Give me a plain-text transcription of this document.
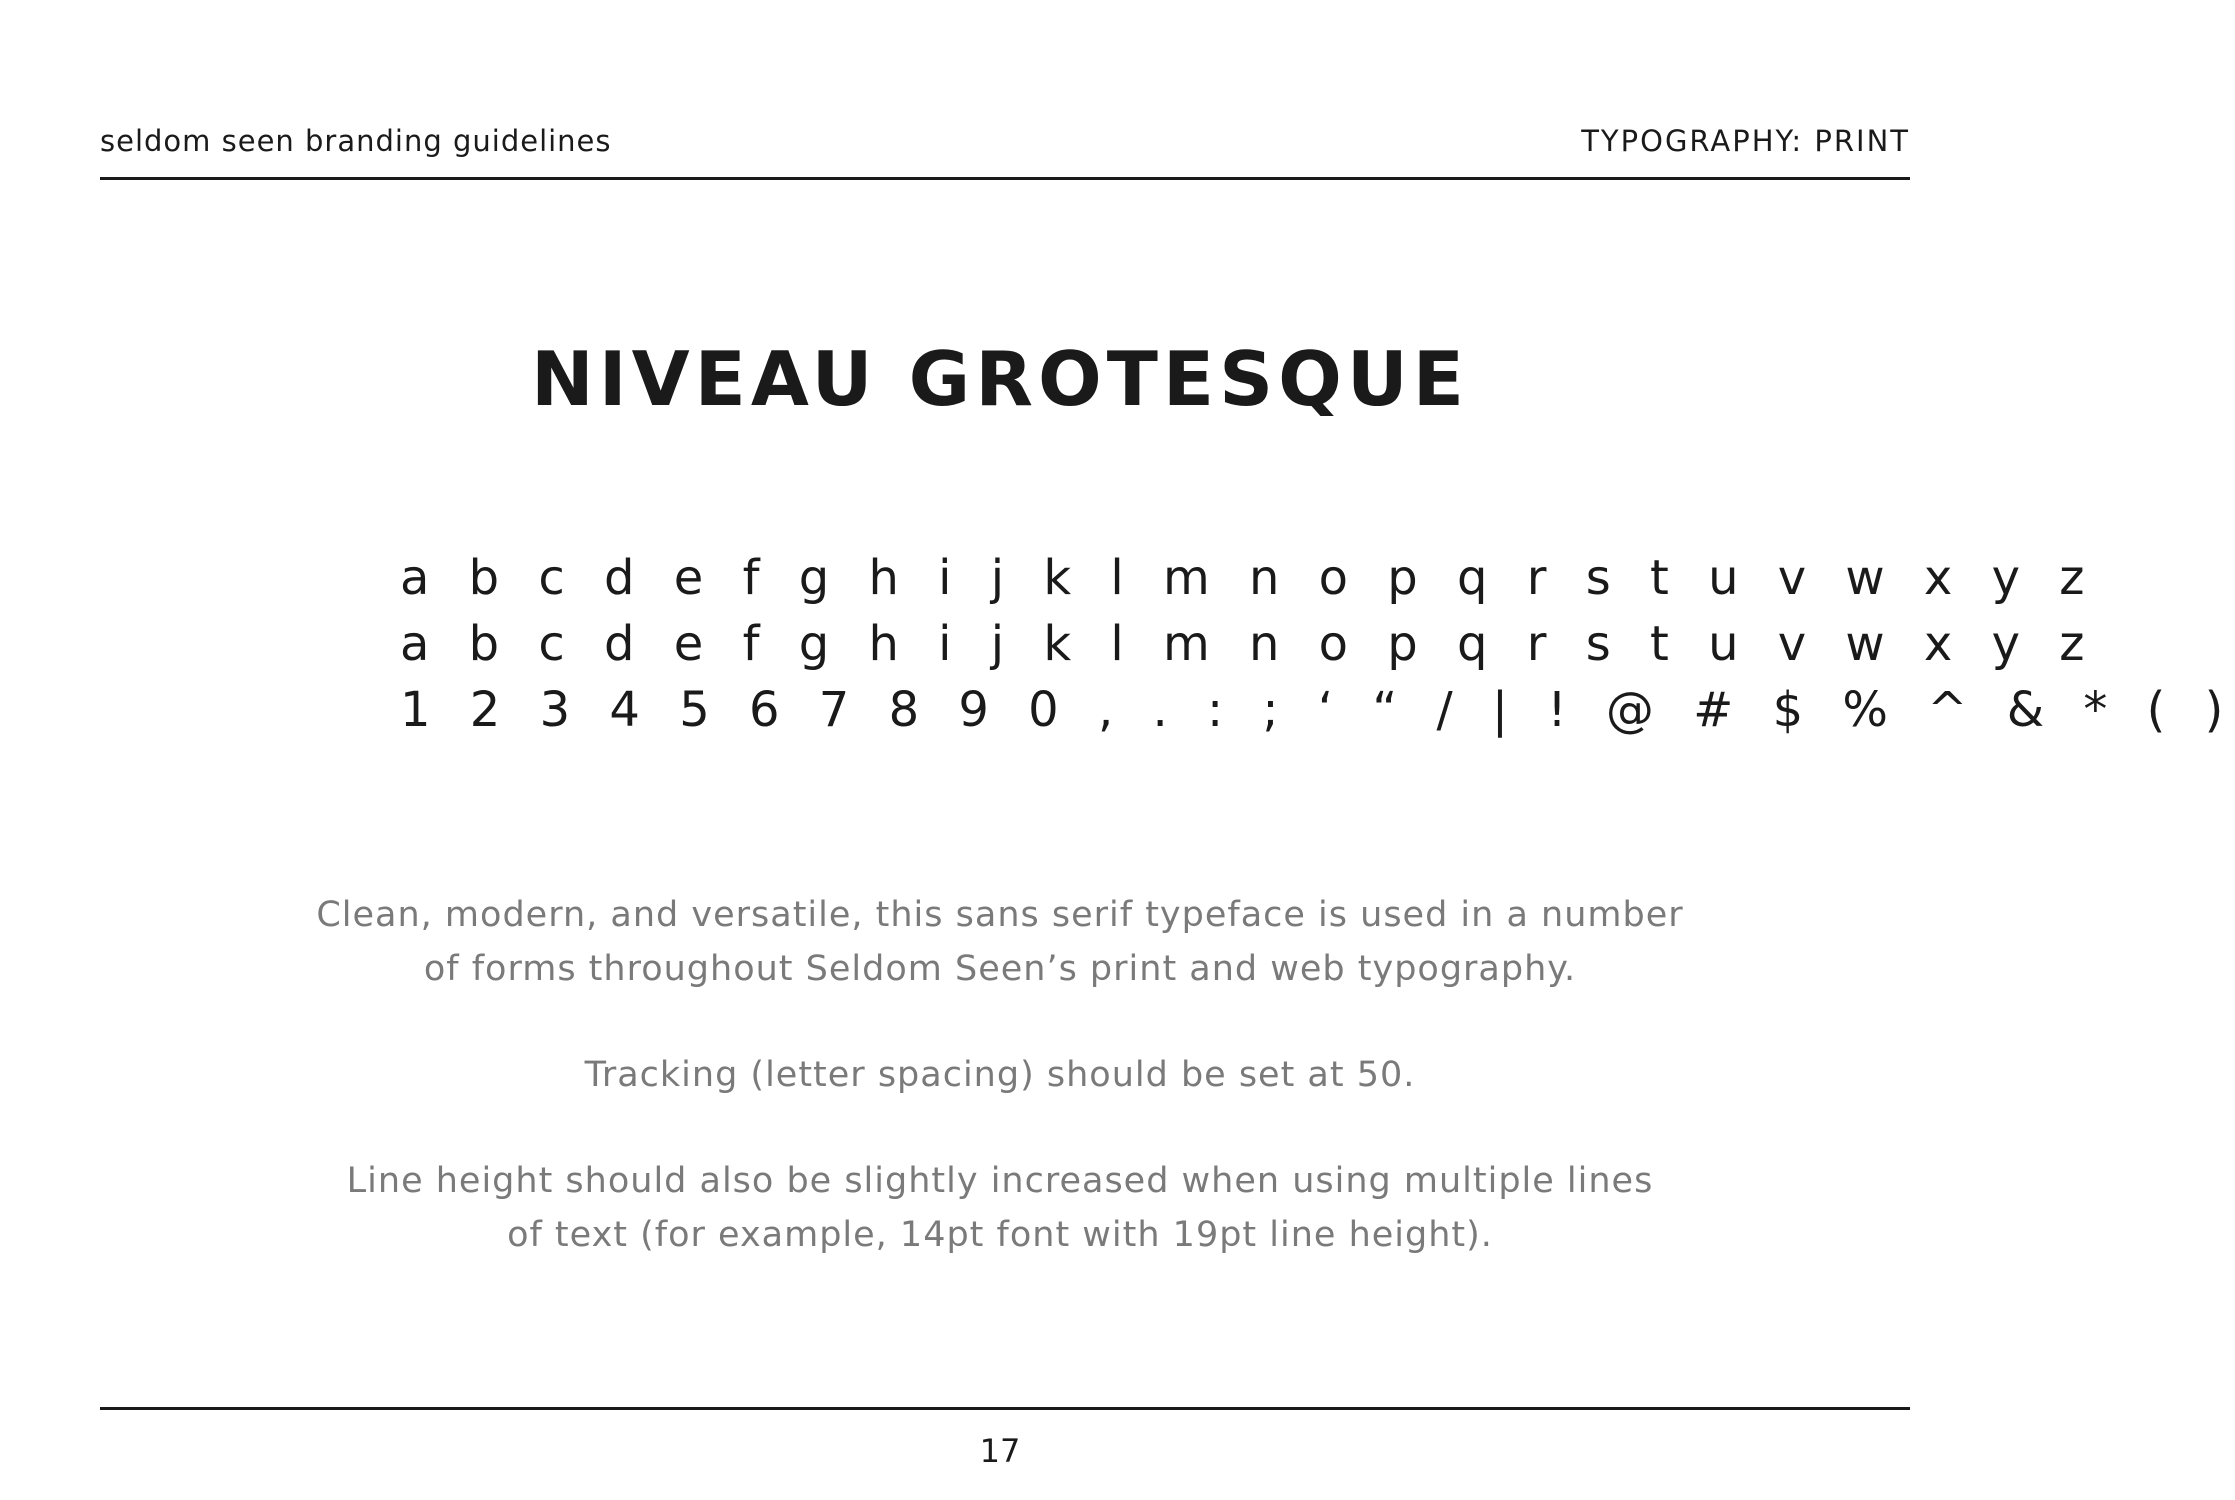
seldom seen branding guidelines	TYPOGRAPHY: PRINT
NIVEAU GROTESQUE
a b c d e f g h i j k l m n o p q r s t u v w x y z
a b c d e f g h i j k l m n o p q r s t u v w x y z
1 2 3 4 5 6 7 8 9 0 , . : ; ‘ “ / | ! @ # $ % ^ & * ( )
Clean, modern, and versatile, this sans serif typeface is used in a number
of forms throughout Seldom Seen’s print and web typography.
Tracking (letter spacing) should be set at 50.
Line height should also be slightly increased when using multiple lines
of text (for example, 14pt font with 19pt line height).
17
